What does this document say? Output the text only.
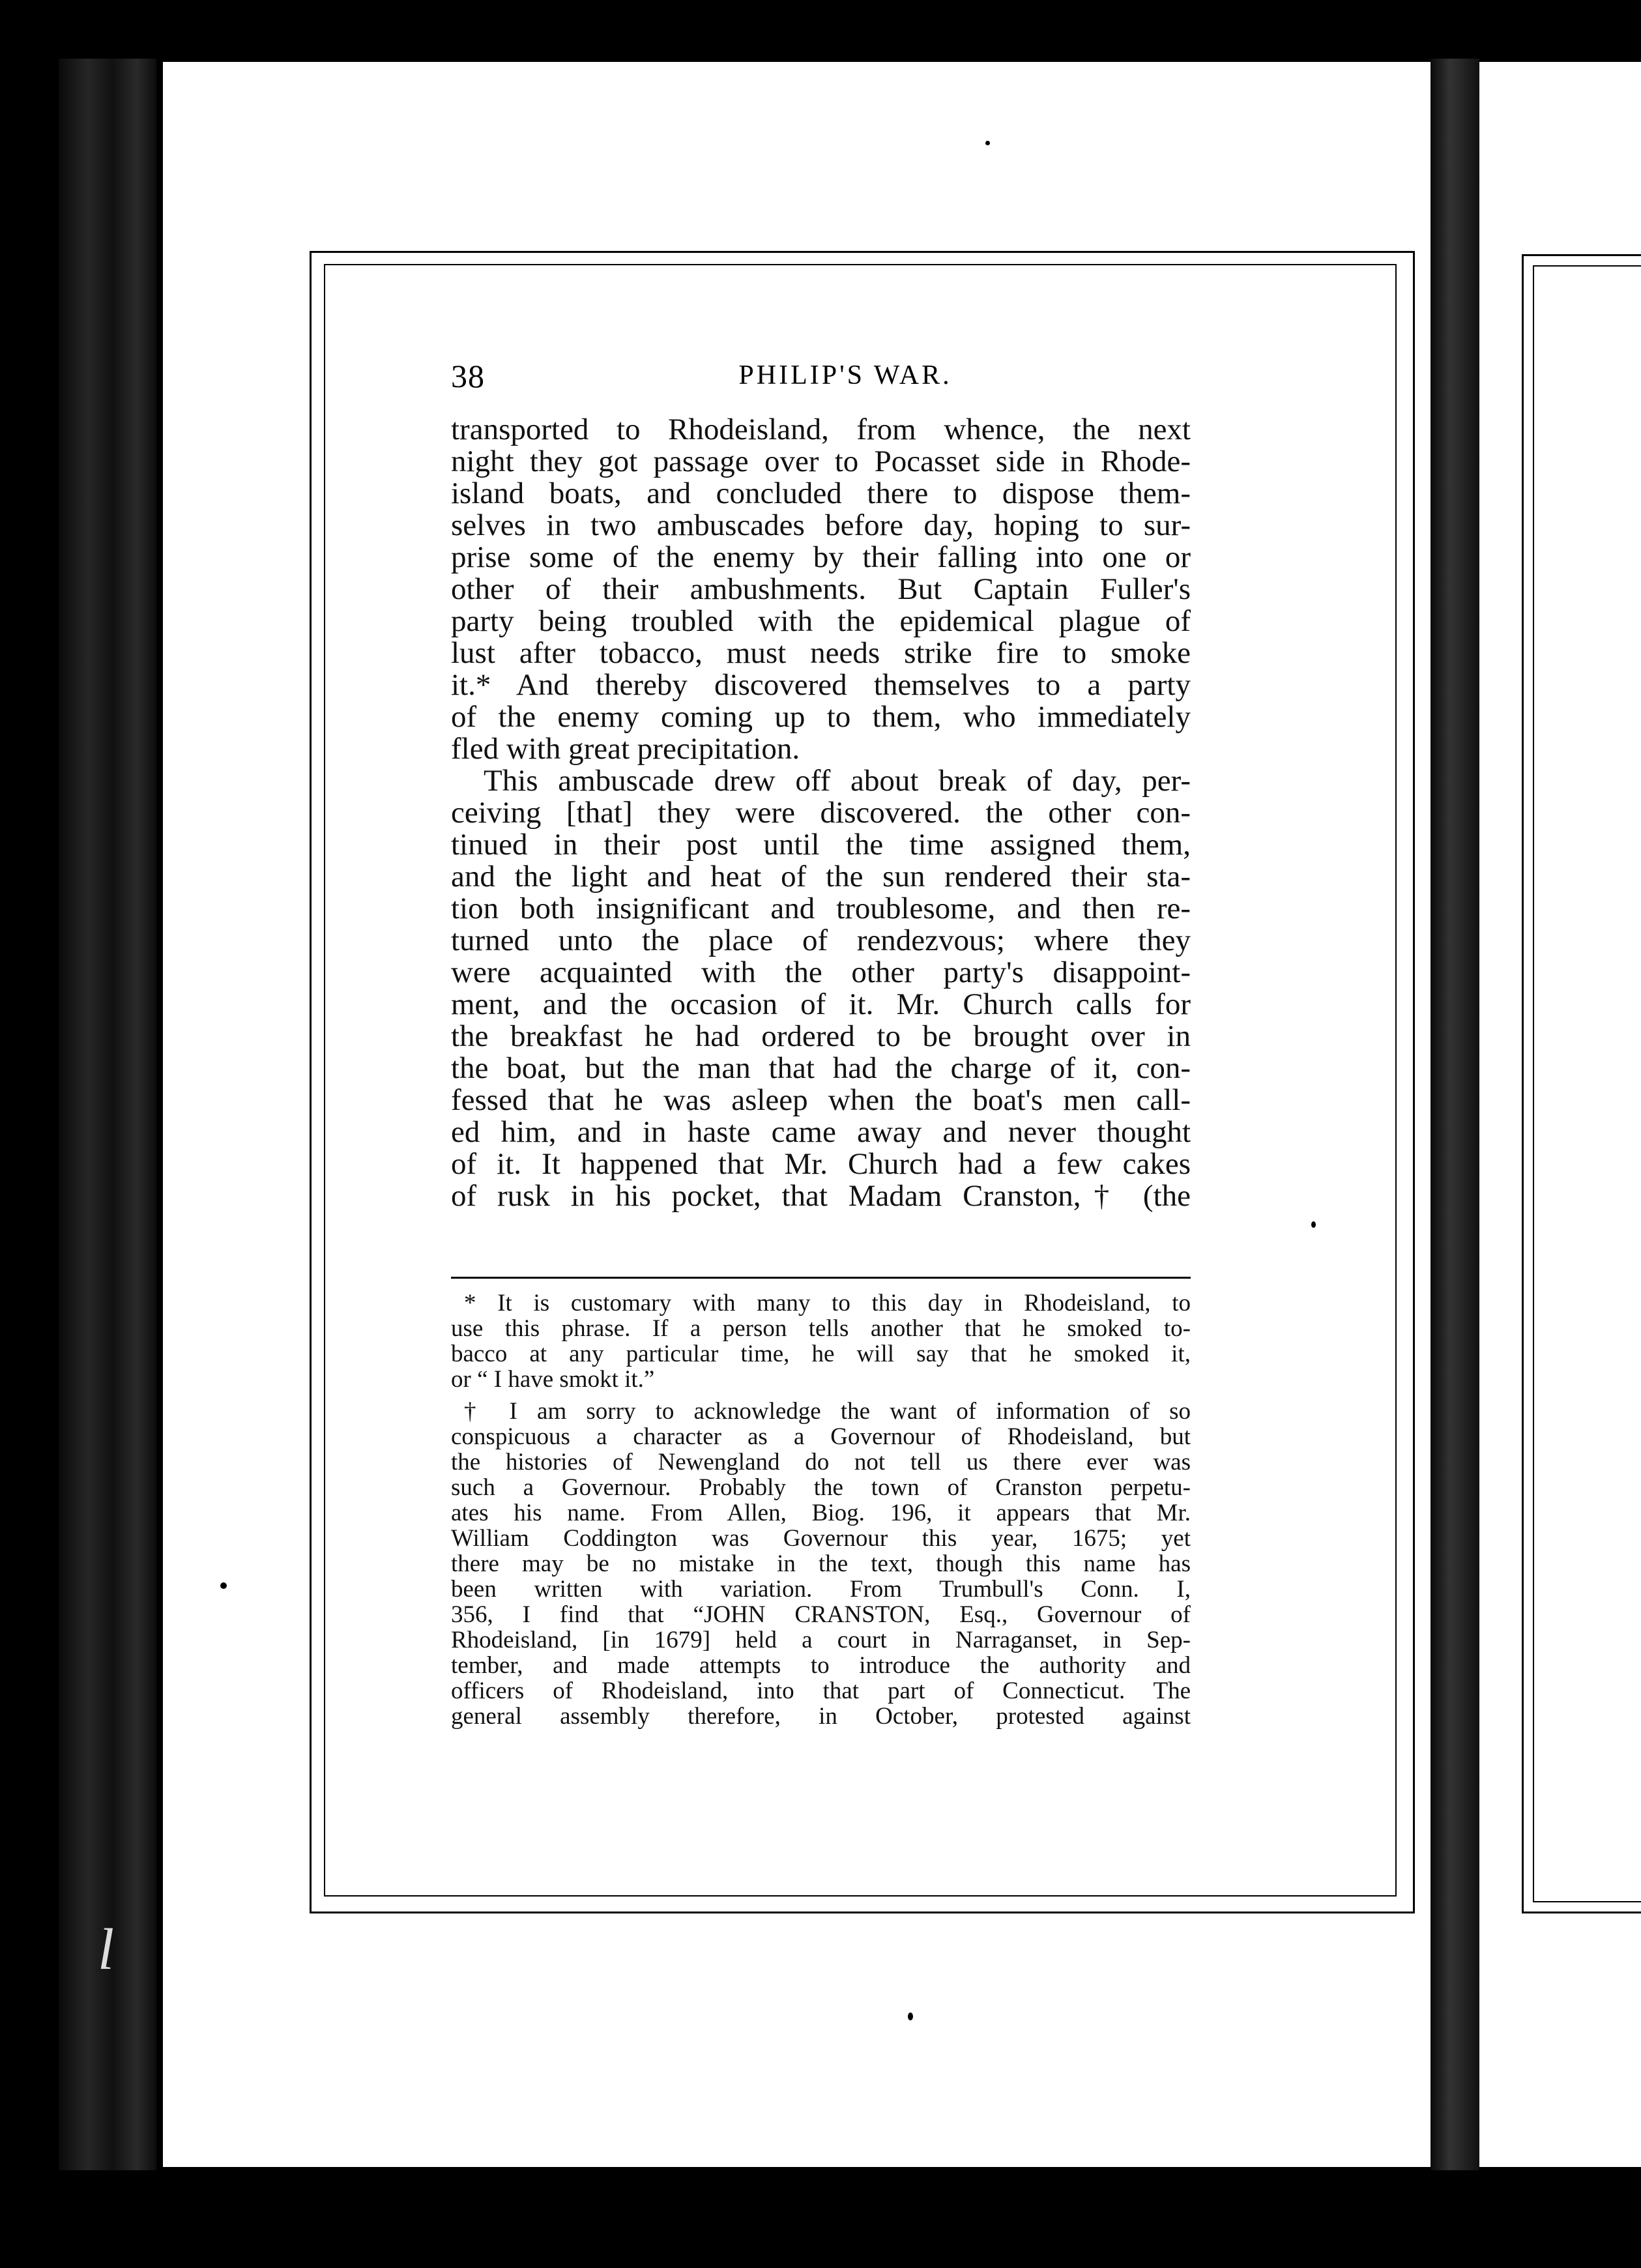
l
38	PHILIP'S WAR.
transported to Rhodeisland, from whence, the next
night they got passage over to Pocasset side in Rhode-
island boats, and concluded there to dispose them-
selves in two ambuscades before day, hoping to sur-
prise some of the enemy by their falling into one or
other of their ambushments. But Captain Fuller's
party being troubled with the epidemical plague of
lust after tobacco, must needs strike fire to smoke
it.* And thereby discovered themselves to a party
of the enemy coming up to them, who immediately
fled with great precipitation.
This ambuscade drew off about break of day, per-
ceiving [that] they were discovered. the other con-
tinued in their post until the time assigned them,
and the light and heat of the sun rendered their sta-
tion both insignificant and troublesome, and then re-
turned unto the place of rendezvous; where they
were acquainted with the other party's disappoint-
ment, and the occasion of it. Mr. Church calls for
the breakfast he had ordered to be brought over in
the boat, but the man that had the charge of it, con-
fessed that he was asleep when the boat's men call-
ed him, and in haste came away and never thought
of it. It happened that Mr. Church had a few cakes
of rusk in his pocket, that Madam Cranston,† (the
* It is customary with many to this day in Rhodeisland, to
use this phrase. If a person tells another that he smoked to-
bacco at any particular time, he will say that he smoked it,
or “ I have smokt it.”
† I am sorry to acknowledge the want of information of so
conspicuous a character as a Governour of Rhodeisland, but
the histories of Newengland do not tell us there ever was
such a Governour. Probably the town of Cranston perpetu-
ates his name. From Allen, Biog. 196, it appears that Mr.
William Coddington was Governour this year, 1675; yet
there may be no mistake in the text, though this name has
been written with variation. From Trumbull's Conn. I,
356, I find that “JOHN CRANSTON, Esq., Governour of
Rhodeisland, [in 1679] held a court in Narraganset, in Sep-
tember, and made attempts to introduce the authority and
officers of Rhodeisland, into that part of Connecticut. The
general assembly therefore, in October, protested against
